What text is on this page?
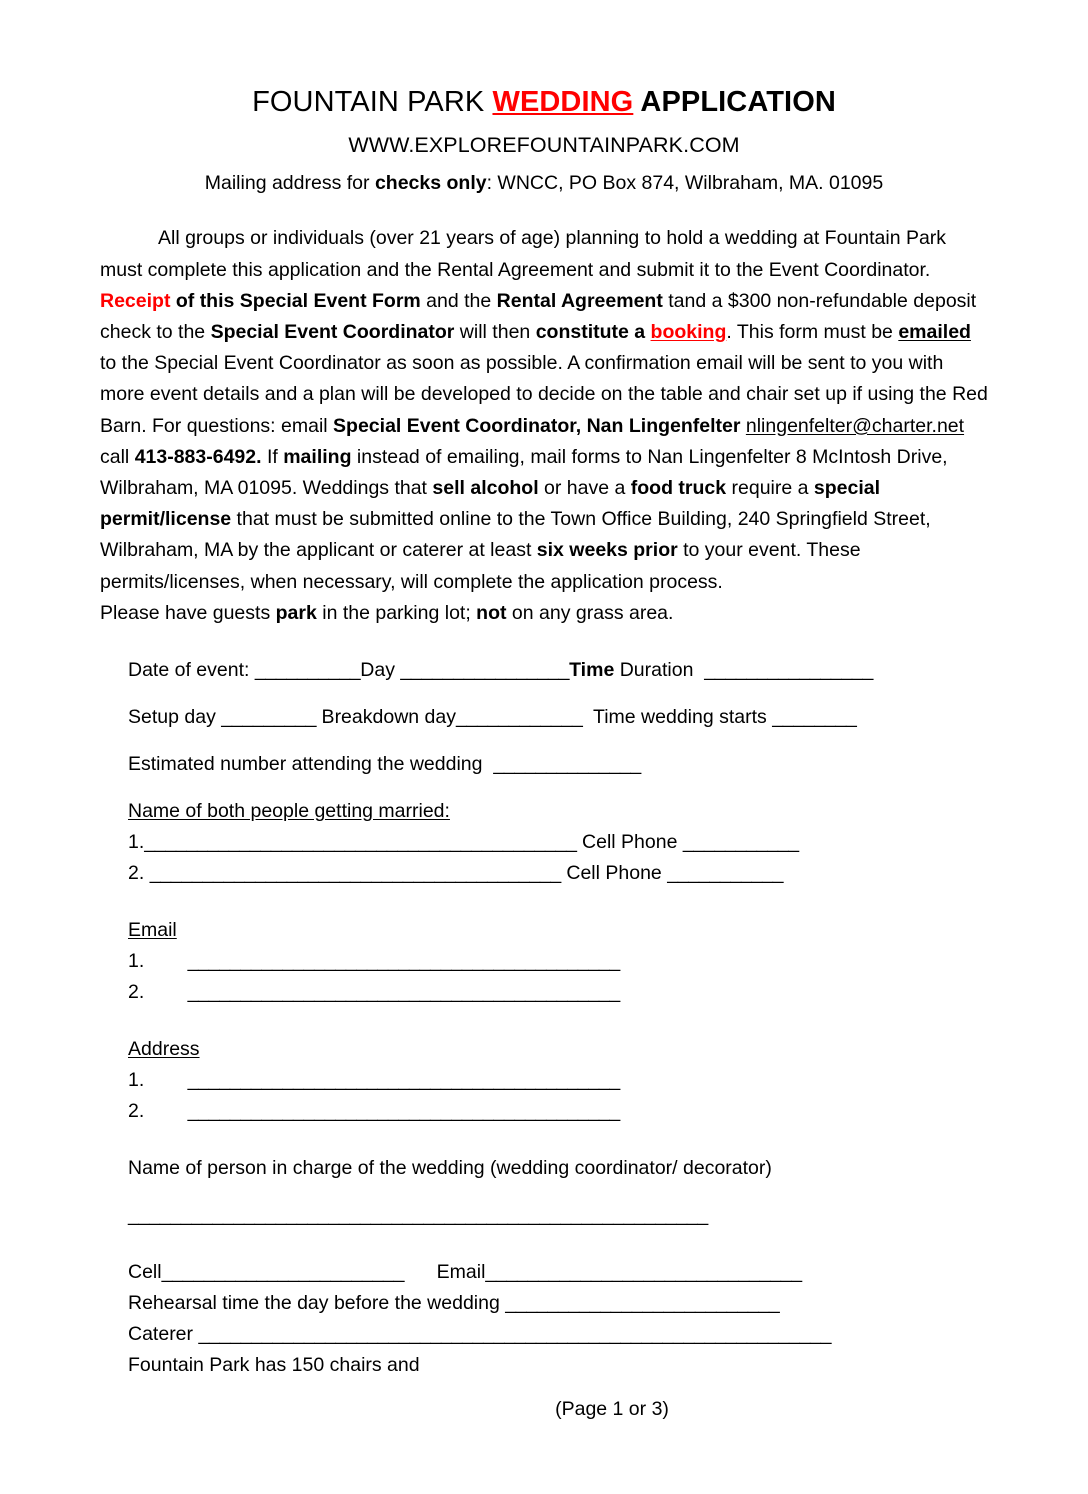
FOUNTAIN PARK WEDDING APPLICATION
WWW.EXPLOREFOUNTAINPARK.COM
Mailing address for checks only: WNCC, PO Box 874, Wilbraham, MA. 01095
All groups or individuals (over 21 years of age) planning to hold a wedding at Fountain Park must complete this application and the Rental Agreement and submit it to the Event Coordinator. Receipt of this Special Event Form and the Rental Agreement tand a $300 non-refundable deposit check to the Special Event Coordinator will then constitute a booking. This form must be emailed to the Special Event Coordinator as soon as possible. A confirmation email will be sent to you with more event details and a plan will be developed to decide on the table and chair set up if using the Red Barn. For questions: email Special Event Coordinator, Nan Lingenfelter nlingenfelter@charter.net call 413-883-6492. If mailing instead of emailing, mail forms to Nan Lingenfelter 8 McIntosh Drive, Wilbraham, MA 01095. Weddings that sell alcohol or have a food truck require a special permit/license that must be submitted online to the Town Office Building, 240 Springfield Street, Wilbraham, MA by the applicant or caterer at least six weeks prior to your event. These permits/licenses, when necessary, will complete the application process.
Please have guests park in the parking lot; not on any grass area.
Date of event: __________Day ________________Time Duration  ________________
Setup day _________ Breakdown day____________  Time wedding starts ________
Estimated number attending the wedding  ______________
Name of both people getting married:
1._________________________________________ Cell Phone ___________
2. _______________________________________ Cell Phone ___________
Email
1. _________________________________________
2. _________________________________________
Address
1. _________________________________________
2. _________________________________________
Name of person in charge of the wedding (wedding coordinator/ decorator)
_______________________________________________________
Cell_______________________ Email______________________________
Rehearsal time the day before the wedding __________________________
Caterer ____________________________________________________________
Fountain Park has 150 chairs and
(Page 1 or 3)
